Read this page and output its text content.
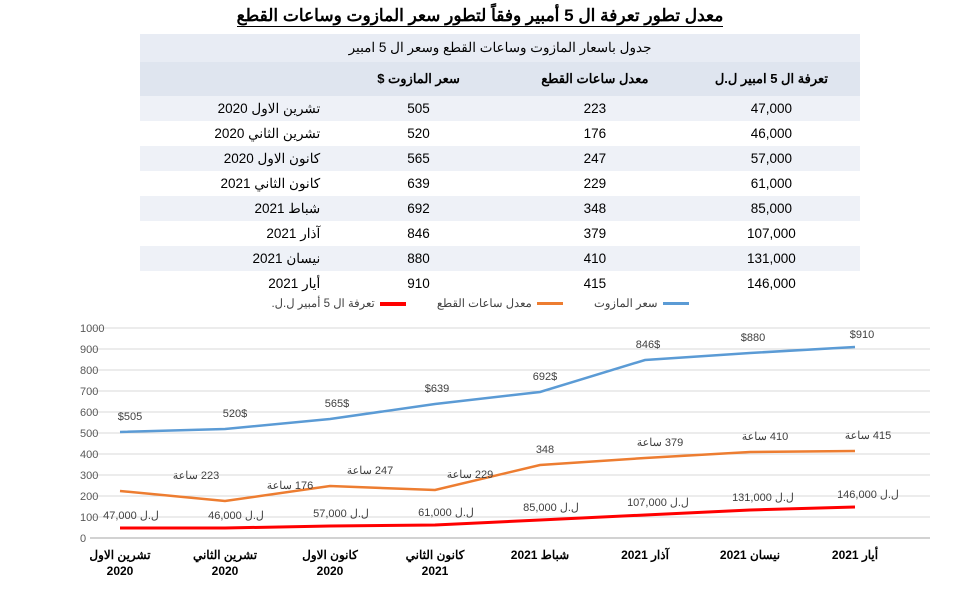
معدل تطور تعرفة ال 5 أمبير وفقاً لتطور سعر المازوت وساعات القطع
جدول باسعار المازوت وساعات القطع وسعر ال 5 امبير			
تعرفة ال 5 امبير ل.ل	معدل ساعات القطع	سعر المازوت $	
47,000	223	505	تشرين الاول 2020
46,000	176	520	تشرين الثاني 2020
57,000	247	565	كانون الاول 2020
61,000	229	639	كانون الثاني 2021
85,000	348	692	شباط 2021
107,000	379	846	آذار 2021
131,000	410	880	نيسان 2021
146,000	415	910	أيار 2021
سعر المازوت معدل ساعات القطع تعرفة ال 5 أمبير ل.ل.
0
100
200
300
400
500
600
700
800
900
1000
$505	520$
565$
$639
692$
846$
$880	$910
223 ساعة
176 ساعة
247 ساعة	229 ساعة
348
379 ساعة	410 ساعة	415 ساعة
ل.ل 47,000	ل.ل 46,000	ل.ل 57,000	ل.ل 61,000	ل.ل 85,000	ل.ل 107,000	ل.ل 131,000	ل.ل 146,000
تشرين الاول
2020
تشرين الثاني
2020
كانون الاول
2020
كانون الثاني
2021
شباط 2021	آذار 2021	نيسان 2021	أيار 2021
